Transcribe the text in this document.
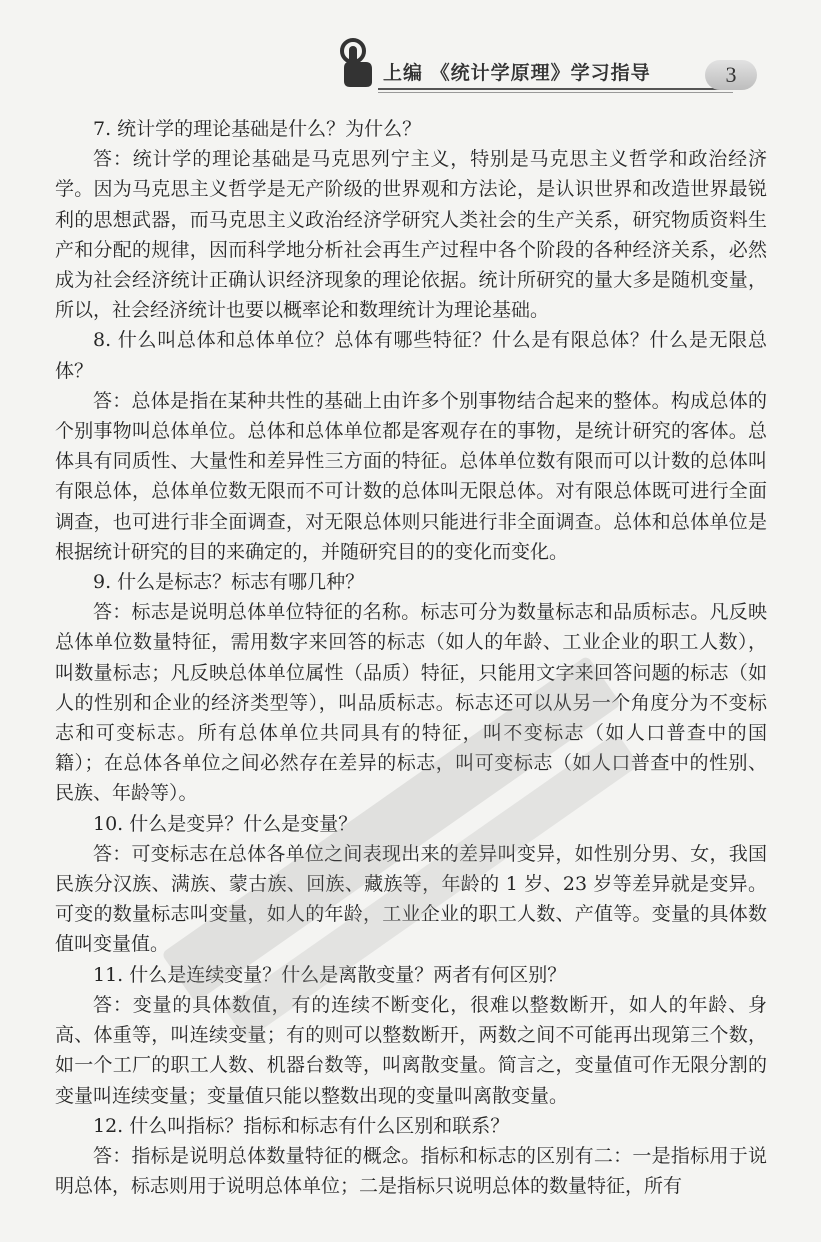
上编 《统计学原理》学习指导	3

7. 统计学的理论基础是什么？为什么？

答：统计学的理论基础是马克思列宁主义，特别是马克思主义哲学和政治经济学。因为马克思主义哲学是无产阶级的世界观和方法论，是认识世界和改造世界最锐利的思想武器，而马克思主义政治经济学研究人类社会的生产关系，研究物质资料生产和分配的规律，因而科学地分析社会再生产过程中各个阶段的各种经济关系，必然成为社会经济统计正确认识经济现象的理论依据。统计所研究的量大多是随机变量，所以，社会经济统计也要以概率论和数理统计为理论基础。

8. 什么叫总体和总体单位？总体有哪些特征？什么是有限总体？什么是无限总体？

答：总体是指在某种共性的基础上由许多个别事物结合起来的整体。构成总体的个别事物叫总体单位。总体和总体单位都是客观存在的事物，是统计研究的客体。总体具有同质性、大量性和差异性三方面的特征。总体单位数有限而可以计数的总体叫有限总体，总体单位数无限而不可计数的总体叫无限总体。对有限总体既可进行全面调查，也可进行非全面调查，对无限总体则只能进行非全面调查。总体和总体单位是根据统计研究的目的来确定的，并随研究目的的变化而变化。

9. 什么是标志？标志有哪几种？

答：标志是说明总体单位特征的名称。标志可分为数量标志和品质标志。凡反映总体单位数量特征，需用数字来回答的标志（如人的年龄、工业企业的职工人数），叫数量标志；凡反映总体单位属性（品质）特征，只能用文字来回答问题的标志（如人的性别和企业的经济类型等），叫品质标志。标志还可以从另一个角度分为不变标志和可变标志。所有总体单位共同具有的特征，叫不变标志（如人口普查中的国籍）；在总体各单位之间必然存在差异的标志，叫可变标志（如人口普查中的性别、民族、年龄等）。

10. 什么是变异？什么是变量？

答：可变标志在总体各单位之间表现出来的差异叫变异，如性别分男、女，我国民族分汉族、满族、蒙古族、回族、藏族等，年龄的 1 岁、23 岁等差异就是变异。可变的数量标志叫变量，如人的年龄，工业企业的职工人数、产值等。变量的具体数值叫变量值。

11. 什么是连续变量？什么是离散变量？两者有何区别？

答：变量的具体数值，有的连续不断变化，很难以整数断开，如人的年龄、身高、体重等，叫连续变量；有的则可以整数断开，两数之间不可能再出现第三个数，如一个工厂的职工人数、机器台数等，叫离散变量。简言之，变量值可作无限分割的变量叫连续变量；变量值只能以整数出现的变量叫离散变量。

12. 什么叫指标？指标和标志有什么区别和联系？

答：指标是说明总体数量特征的概念。指标和标志的区别有二：一是指标用于说明总体，标志则用于说明总体单位；二是指标只说明总体的数量特征，所有
